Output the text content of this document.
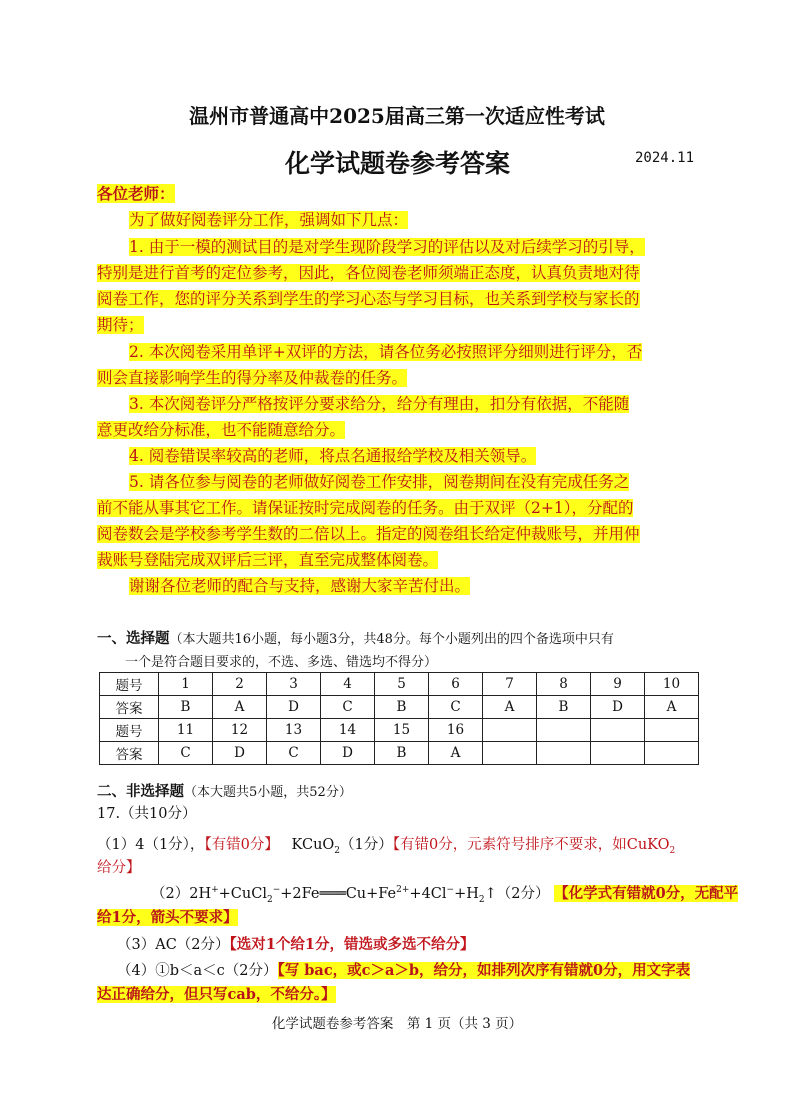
温州市普通高中2025届高三第一次适应性考试
化学试题卷参考答案	2024.11
各位老师：
为了做好阅卷评分工作，强调如下几点：
1. 由于一模的测试目的是对学生现阶段学习的评估以及对后续学习的引导，
特别是进行首考的定位参考，因此，各位阅卷老师须端正态度，认真负责地对待
阅卷工作，您的评分关系到学生的学习心态与学习目标，也关系到学校与家长的
期待；
2. 本次阅卷采用单评+双评的方法，请各位务必按照评分细则进行评分，否
则会直接影响学生的得分率及仲裁卷的任务。
3. 本次阅卷评分严格按评分要求给分，给分有理由，扣分有依据，不能随
意更改给分标准，也不能随意给分。
4. 阅卷错误率较高的老师，将点名通报给学校及相关领导。
5. 请各位参与阅卷的老师做好阅卷工作安排，阅卷期间在没有完成任务之
前不能从事其它工作。请保证按时完成阅卷的任务。由于双评（2+1），分配的
阅卷数会是学校参考学生数的二倍以上。指定的阅卷组长给定仲裁账号，并用仲
裁账号登陆完成双评后三评，直至完成整体阅卷。
谢谢各位老师的配合与支持，感谢大家辛苦付出。
一、选择题（本大题共16小题，每小题3分，共48分。每个小题列出的四个备选项中只有
一个是符合题目要求的，不选、多选、错选均不得分）
题号	1	2	3	4	5	6	7	8	9	10
答案	B	A	D	C	B	C	A	B	D	A
题号	11	12	13	14	15	16				
答案	C	D	C	D	B	A				
二、非选择题（本大题共5小题，共52分）
17.（共10分）
（1）4（1分），【有错0分】 KCuO$_2$（1分）【有错0分，元素符号排序不要求，如CuKO$_2$
给分】
$(2)2H^++CuCl_2^-+2Fe═══Cu+Fe^{2+}+4Cl^-+H_2↑(2$分） 【化学式有错就0分，无配平
给1分，箭头不要求】
（3）AC（2分）【选对1个给1分，错选或多选不给分】
（4）①b＜a＜c（2分）【写 bac，或c＞a＞b，给分，如排列次序有错就0分，用文字表
达正确给分，但只写cab，不给分。】
化学试题卷参考答案　第 1 页（共 3 页）
